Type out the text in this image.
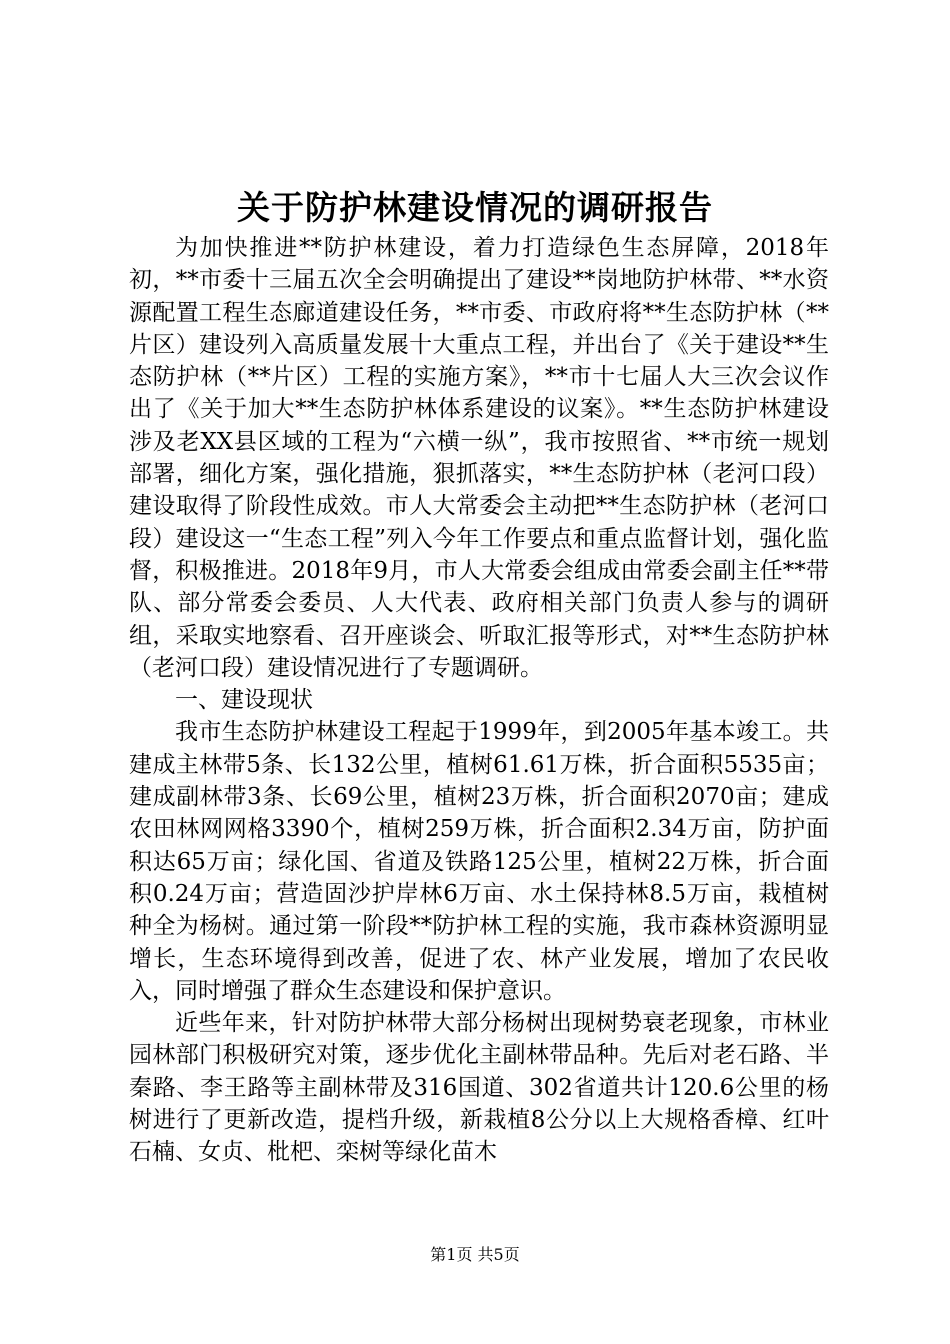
关于防护林建设情况的调研报告

为加快推进**防护林建设，着力打造绿色生态屏障，2018年初，**市委十三届五次全会明确提出了建设**岗地防护林带、**水资源配置工程生态廊道建设任务，**市委、市政府将**生态防护林（**片区）建设列入高质量发展十大重点工程，并出台了《关于建设**生态防护林（**片区）工程的实施方案》，**市十七届人大三次会议作出了《关于加大**生态防护林体系建设的议案》。**生态防护林建设涉及老XX县区域的工程为“六横一纵”，我市按照省、**市统一规划部署，细化方案，强化措施，狠抓落实，**生态防护林（老河口段）建设取得了阶段性成效。市人大常委会主动把**生态防护林（老河口段）建设这一“生态工程”列入今年工作要点和重点监督计划，强化监督，积极推进。2018年9月，市人大常委会组成由常委会副主任**带队、部分常委会委员、人大代表、政府相关部门负责人参与的调研组，采取实地察看、召开座谈会、听取汇报等形式，对**生态防护林（老河口段）建设情况进行了专题调研。

一、建设现状

我市生态防护林建设工程起于1999年，到2005年基本竣工。共建成主林带5条、长132公里，植树61.61万株，折合面积5535亩；建成副林带3条、长69公里，植树23万株，折合面积2070亩；建成农田林网网格3390个，植树259万株，折合面积2.34万亩，防护面积达65万亩；绿化国、省道及铁路125公里，植树22万株，折合面积0.24万亩；营造固沙护岸林6万亩、水土保持林8.5万亩，栽植树种全为杨树。通过第一阶段**防护林工程的实施，我市森林资源明显增长，生态环境得到改善，促进了农、林产业发展，增加了农民收入，同时增强了群众生态建设和保护意识。

近些年来，针对防护林带大部分杨树出现树势衰老现象，市林业园林部门积极研究对策，逐步优化主副林带品种。先后对老石路、半秦路、李王路等主副林带及316国道、302省道共计120.6公里的杨树进行了更新改造，提档升级，新栽植8公分以上大规格香樟、红叶石楠、女贞、枇杷、栾树等绿化苗木

第1页 共5页
